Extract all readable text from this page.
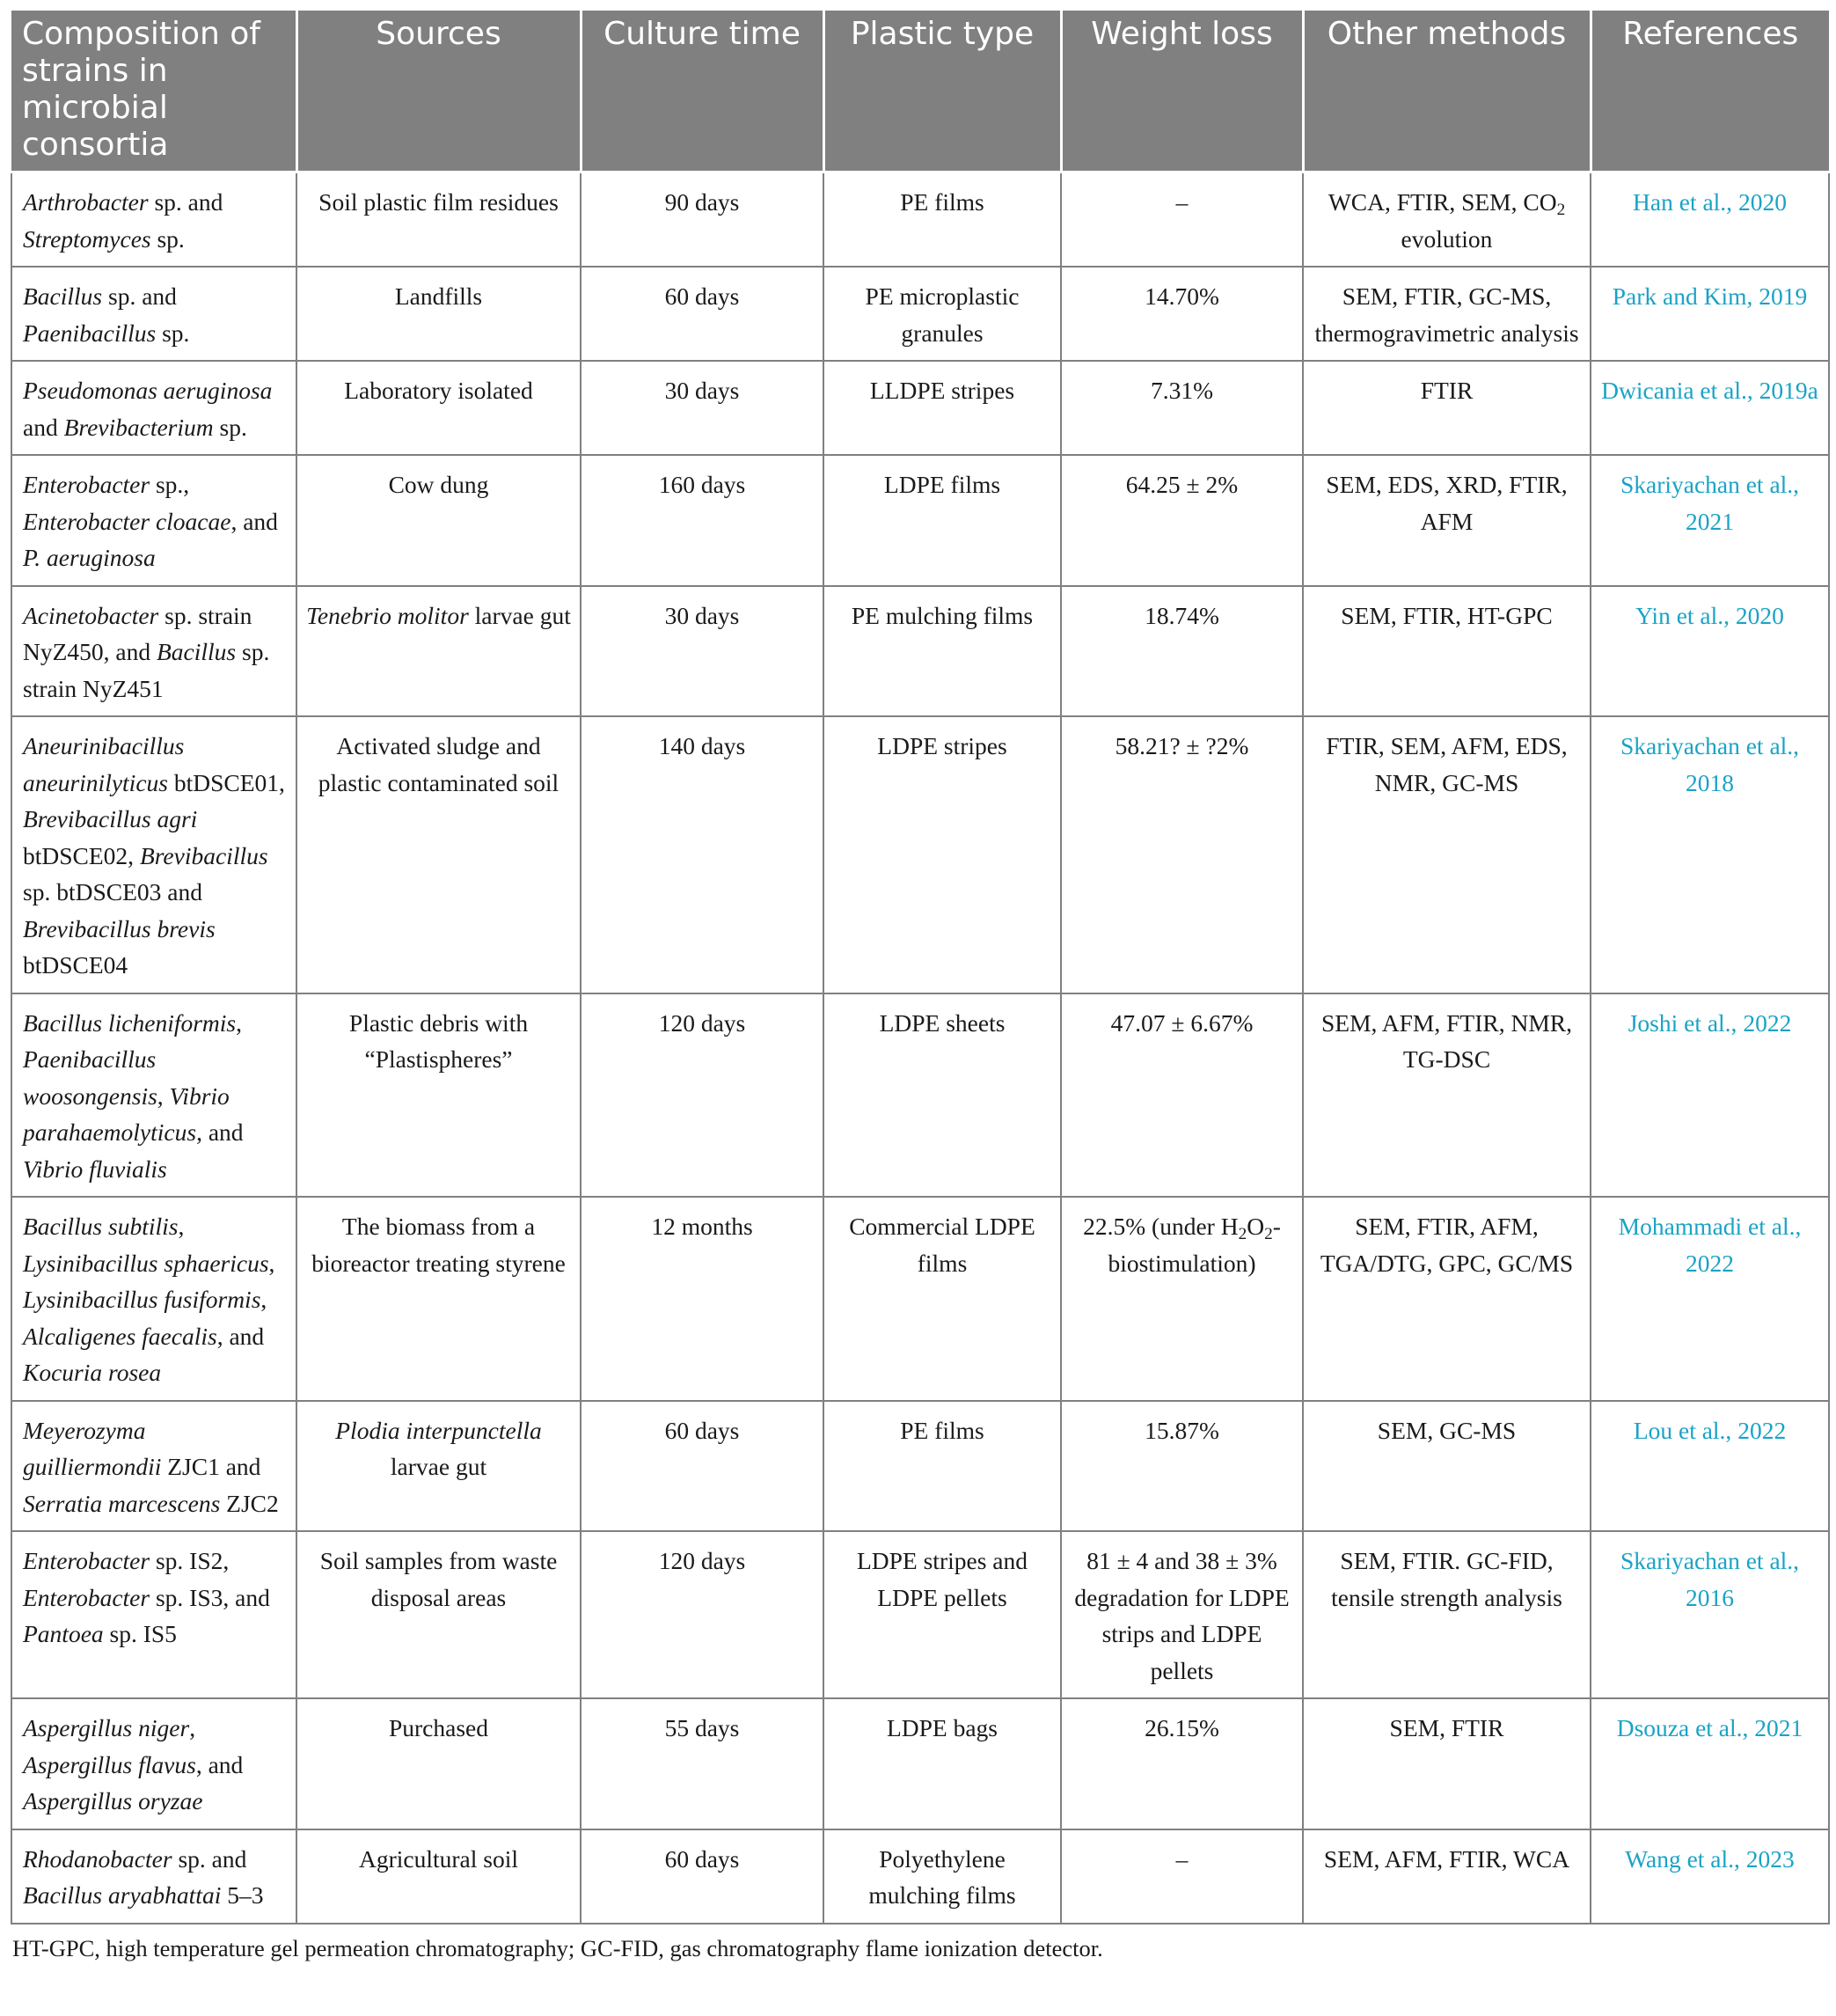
Composition of strains in microbial consortia	Sources	Culture time	Plastic type	Weight loss	Other methods	References
Arthrobacter sp. and Streptomyces sp.	Soil plastic film residues	90 days	PE films	–	WCA, FTIR, SEM, $CO_2$ evolution	Han et al., 2020
Bacillus sp. and Paenibacillus sp.	Landfills	60 days	PE microplastic granules	14.70%	SEM, FTIR, GC-MS, thermogravimetric analysis	Park and Kim, 2019
Pseudomonas aeruginosa and Brevibacterium sp.	Laboratory isolated	30 days	LLDPE stripes	7.31%	FTIR	Dwicania et al., 2019a
Enterobacter sp., Enterobacter cloacae, and P. aeruginosa	Cow dung	160 days	LDPE films	64.25 ± 2%	SEM, EDS, XRD, FTIR, AFM	Skariyachan et al., 2021
Acinetobacter sp. strain NyZ450, and Bacillus sp. strain NyZ451	Tenebrio molitor larvae gut	30 days	PE mulching films	18.74%	SEM, FTIR, HT-GPC	Yin et al., 2020
Aneurinibacillus aneurinilyticus btDSCE01, Brevibacillus agri btDSCE02, Brevibacillus sp. btDSCE03 and Brevibacillus brevis btDSCE04	Activated sludge and plastic contaminated soil	140 days	LDPE stripes	58.21? ± ?2%	FTIR, SEM, AFM, EDS, NMR, GC-MS	Skariyachan et al., 2018
Bacillus licheniformis, Paenibacillus woosongensis, Vibrio parahaemolyticus, and Vibrio fluvialis	Plastic debris with “Plastispheres”	120 days	LDPE sheets	47.07 ± 6.67%	SEM, AFM, FTIR, NMR, TG-DSC	Joshi et al., 2022
Bacillus subtilis, Lysinibacillus sphaericus, Lysinibacillus fusiformis, Alcaligenes faecalis, and Kocuria rosea	The biomass from a bioreactor treating styrene	12 months	Commercial LDPE films	22.5% (under $H_2O_2-biostimulation$)	SEM, FTIR, AFM, TGA/DTG, GPC, GC/MS	Mohammadi et al., 2022
Meyerozyma guilliermondii ZJC1 and Serratia marcescens ZJC2	Plodia interpunctella larvae gut	60 days	PE films	15.87%	SEM, GC-MS	Lou et al., 2022
Enterobacter sp. IS2, Enterobacter sp. IS3, and Pantoea sp. IS5	Soil samples from waste disposal areas	120 days	LDPE stripes and LDPE pellets	81 ± 4 and 38 ± 3% degradation for LDPE strips and LDPE pellets	SEM, FTIR. GC-FID, tensile strength analysis	Skariyachan et al., 2016
Aspergillus niger, Aspergillus flavus, and Aspergillus oryzae	Purchased	55 days	LDPE bags	26.15%	SEM, FTIR	Dsouza et al., 2021
Rhodanobacter sp. and Bacillus aryabhattai 5–3	Agricultural soil	60 days	Polyethylene mulching films	–	SEM, AFM, FTIR, WCA	Wang et al., 2023
HT-GPC, high temperature gel permeation chromatography; GC-FID, gas chromatography flame ionization detector.
